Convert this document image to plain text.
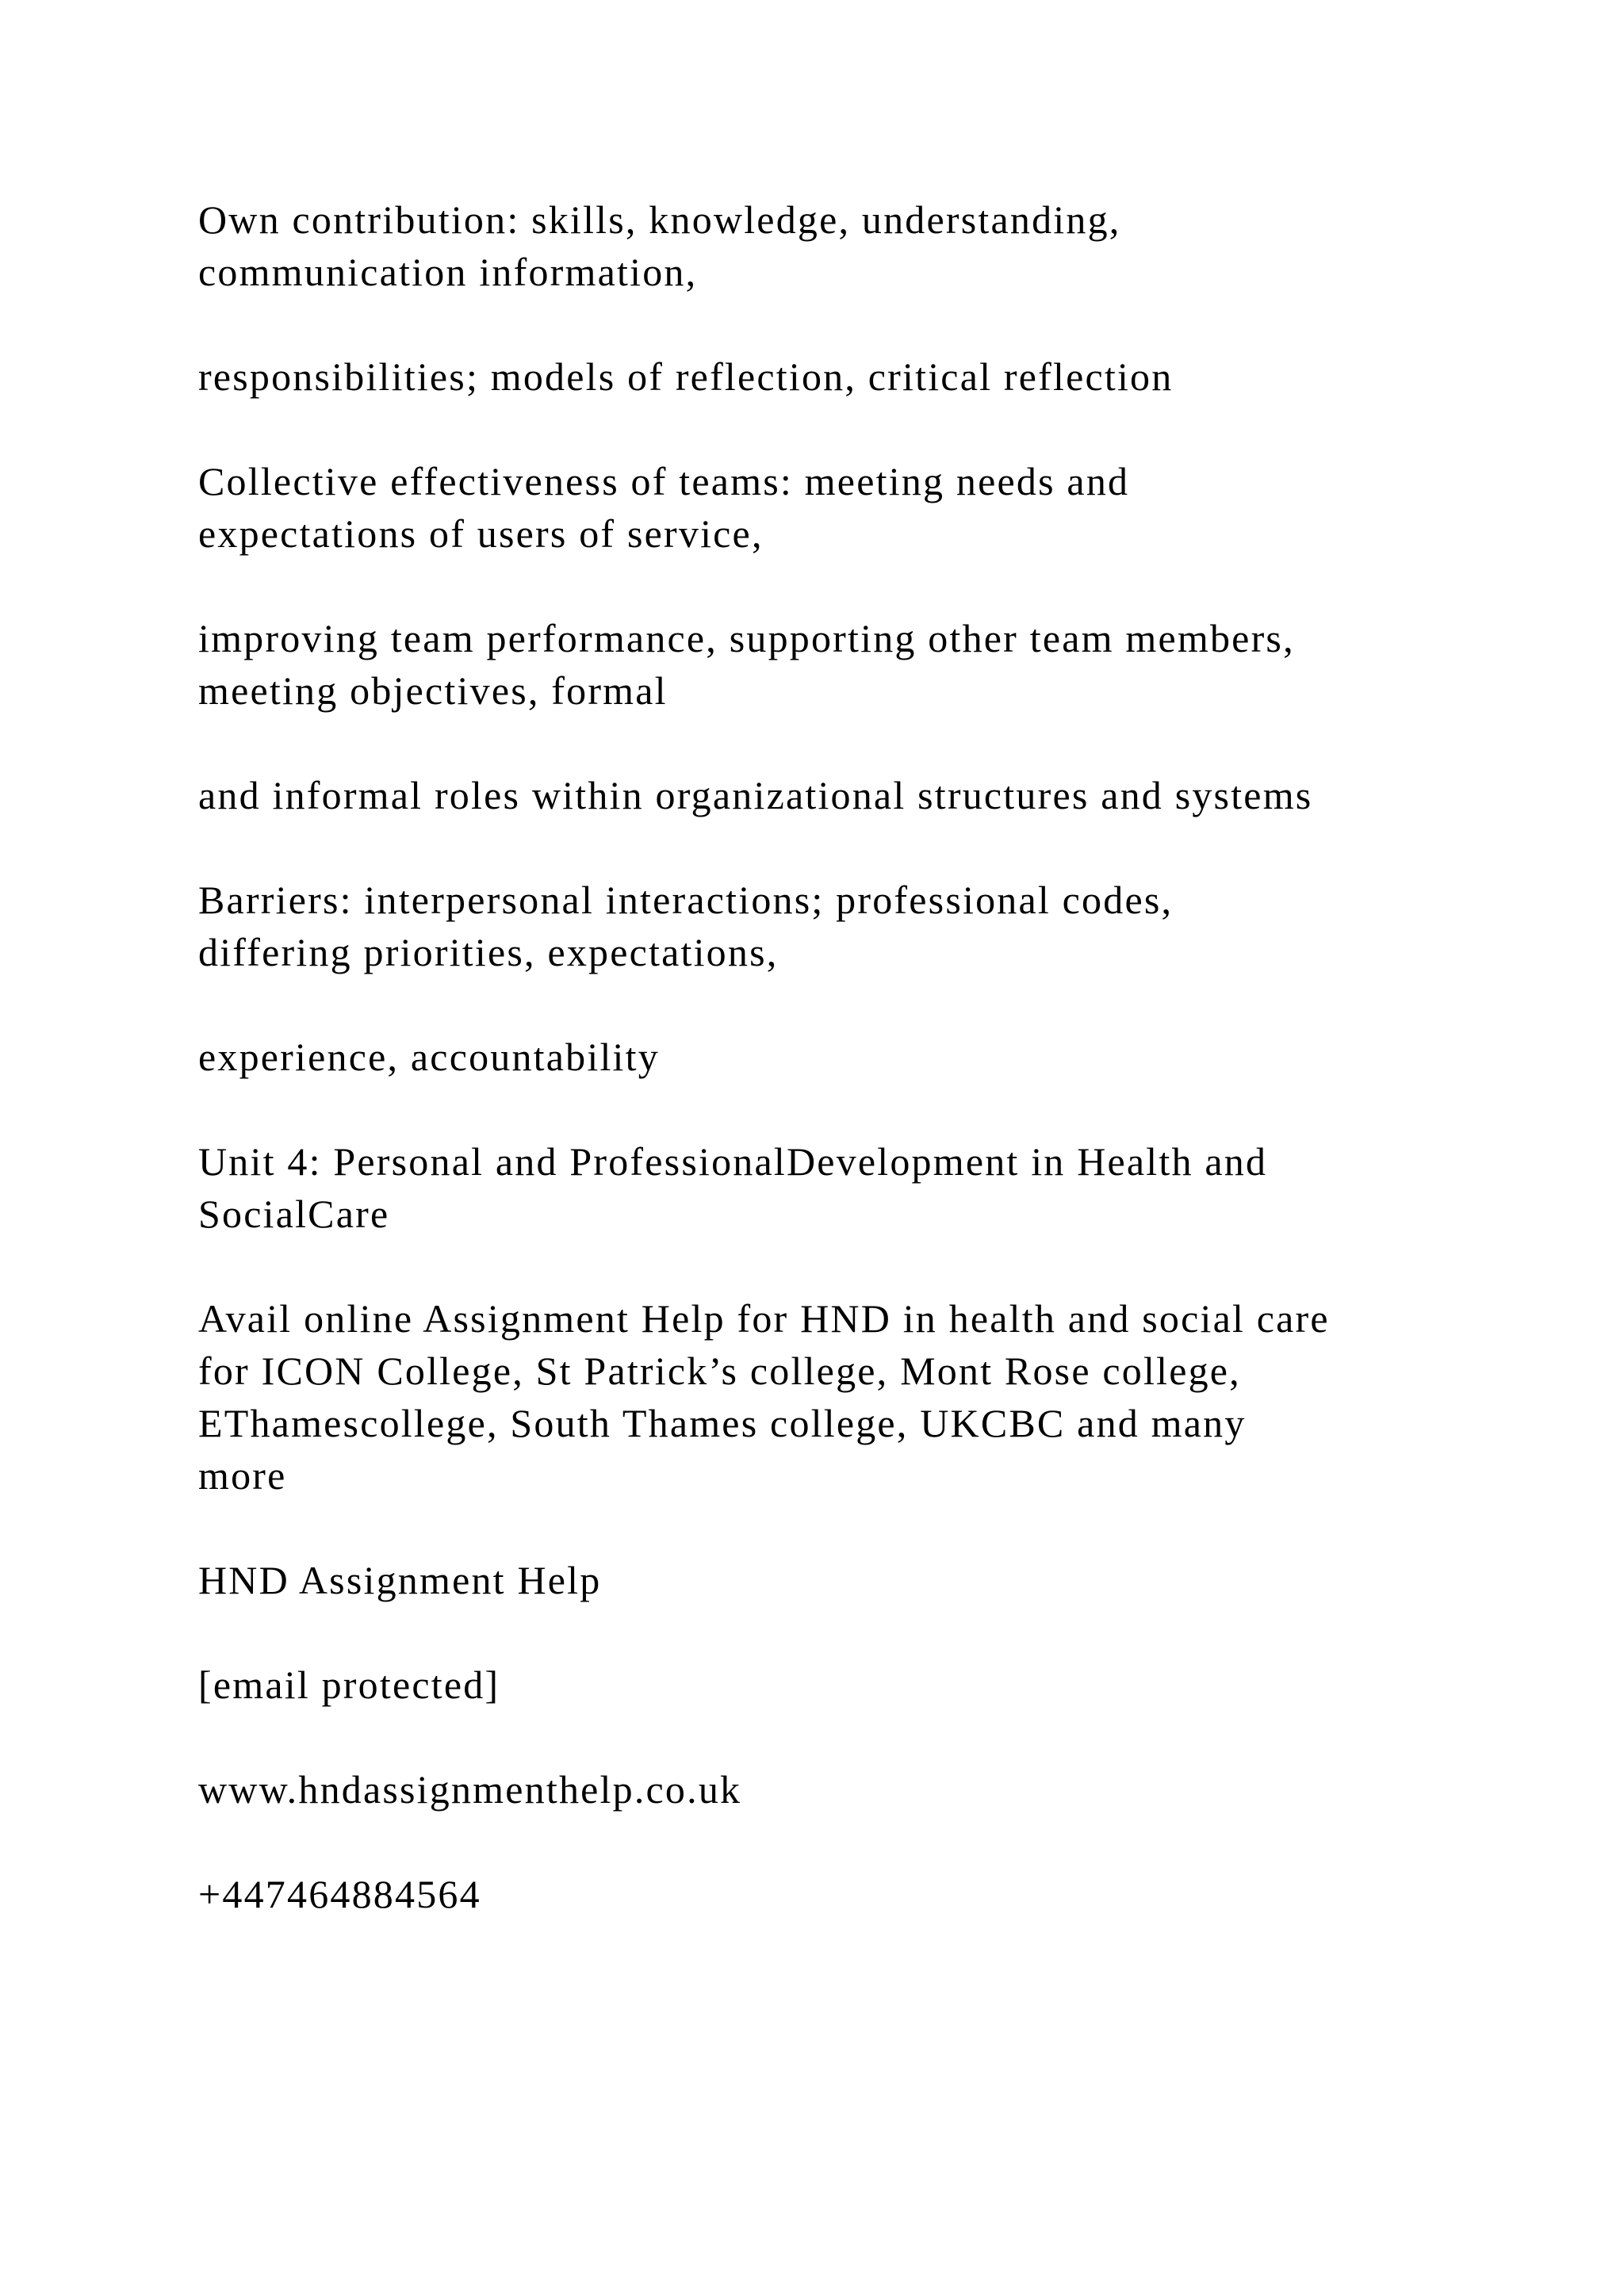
Own contribution: skills, knowledge, understanding,
communication information,

responsibilities; models of reflection, critical reflection

Collective effectiveness of teams: meeting needs and
expectations of users of service,

improving team performance, supporting other team members,
meeting objectives, formal

and informal roles within organizational structures and systems

Barriers: interpersonal interactions; professional codes,
differing priorities, expectations,

experience, accountability

Unit 4: Personal and ProfessionalDevelopment in Health and
SocialCare

Avail online Assignment Help for HND in health and social care
for ICON College, St Patrick’s college, Mont Rose college,
EThamescollege, South Thames college, UKCBC and many
more

HND Assignment Help

[email protected]

www.hndassignmenthelp.co.uk

+447464884564
